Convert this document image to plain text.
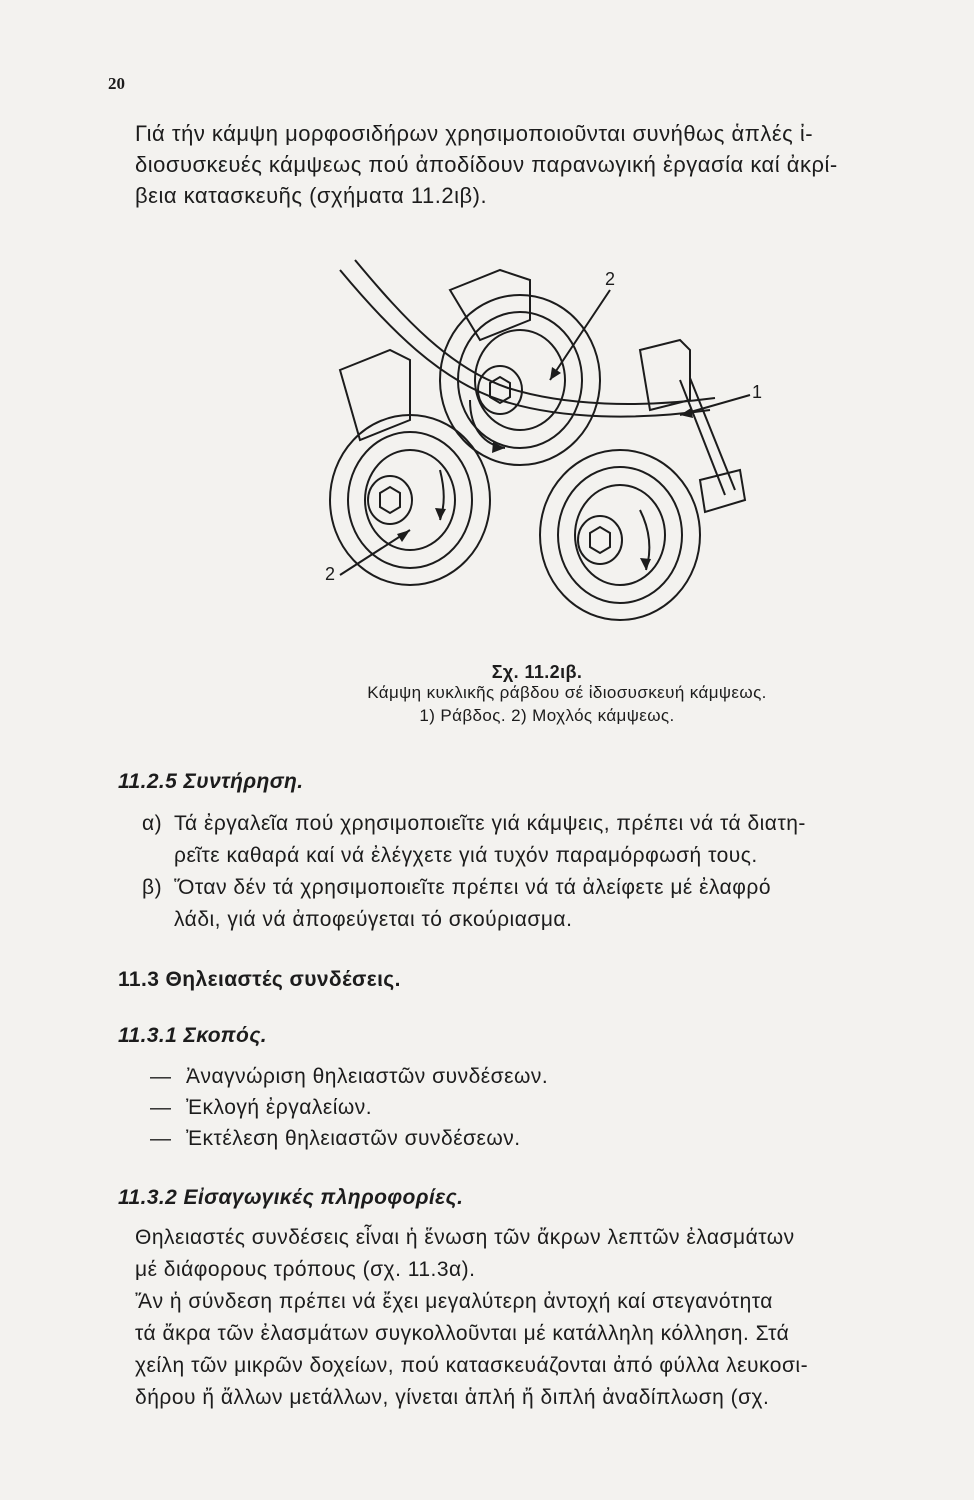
20
Γιά τήν κάμψη μορφοσιδήρων χρησιμοποιοῦνται συνήθως ἁπλές ἰ-
διοσυσκευές κάμψεως πού ἀποδίδουν παρανωγική ἐργασία καί ἀκρί-
βεια κατασκευῆς (σχήματα 11.2ιβ).
2
1
2
Σχ. 11.2ιβ.
Κάμψη κυκλικῆς ράβδου σέ ἰδιοσυσκευή κάμψεως.
1) Ράβδος. 2) Μοχλός κάμψεως.
11.2.5 Συντήρηση.
α) Τά ἐργαλεῖα πού χρησιμοποιεῖτε γιά κάμψεις, πρέπει νά τά διατη-
ρεῖτε καθαρά καί νά ἐλέγχετε γιά τυχόν παραμόρφωσή τους.
β) Ὅταν δέν τά χρησιμοποιεῖτε πρέπει νά τά ἀλείφετε μέ ἐλαφρό
λάδι, γιά νά ἀποφεύγεται τό σκούριασμα.
11.3 Θηλειαστές συνδέσεις.
11.3.1 Σκοπός.
— Ἀναγνώριση θηλειαστῶν συνδέσεων.
— Ἐκλογή ἐργαλείων.
— Ἐκτέλεση θηλειαστῶν συνδέσεων.
11.3.2 Εἰσαγωγικές πληροφορίες.
Θηλειαστές συνδέσεις εἶναι ἡ ἕνωση τῶν ἄκρων λεπτῶν ἐλασμάτων
μέ διάφορους τρόπους (σχ. 11.3α).
Ἄν ἡ σύνδεση πρέπει νά ἔχει μεγαλύτερη ἀντοχή καί στεγανότητα
τά ἄκρα τῶν ἐλασμάτων συγκολλοῦνται μέ κατάλληλη κόλληση. Στά
χείλη τῶν μικρῶν δοχείων, πού κατασκευάζονται ἀπό φύλλα λευκοσι-
δήρου ἤ ἄλλων μετάλλων, γίνεται ἁπλή ἤ διπλή ἀναδίπλωση (σχ.
